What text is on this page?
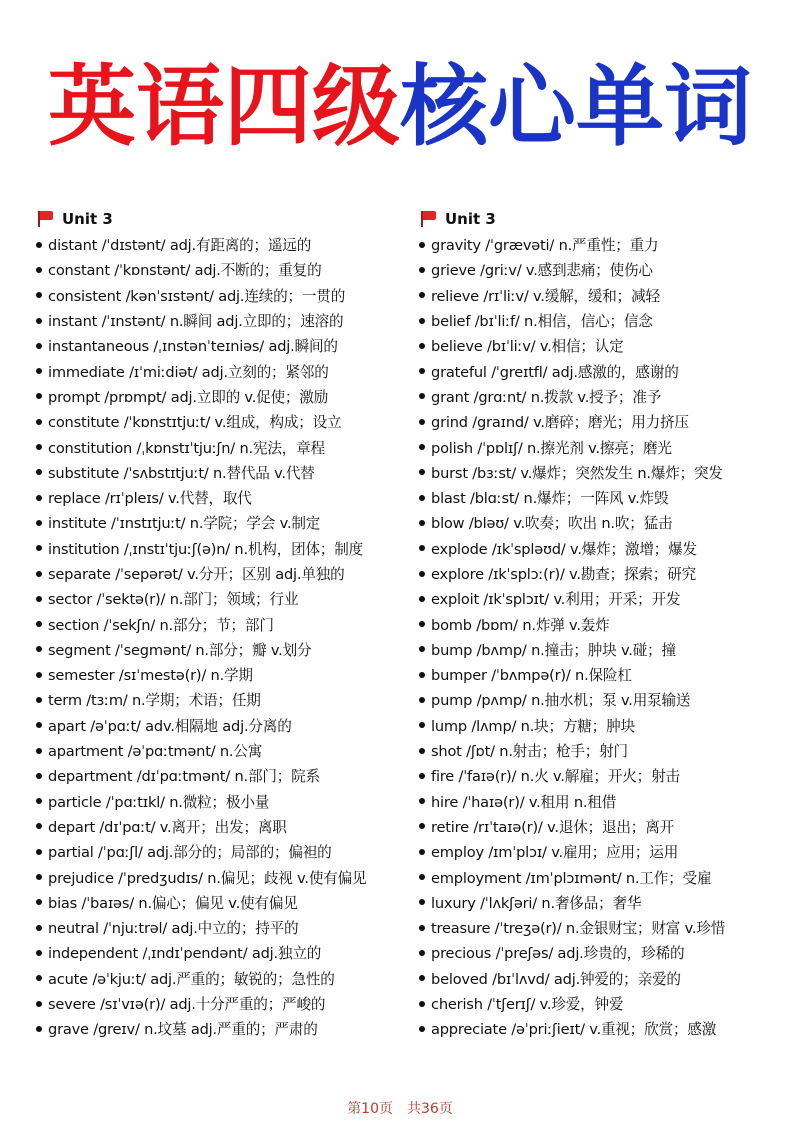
英语四级核心单词
Unit 3
distant /ˈdɪstənt/ adj.有距离的；遥远的
constant /ˈkɒnstənt/ adj.不断的；重复的
consistent /kənˈsɪstənt/ adj.连续的；一贯的
instant /ˈɪnstənt/ n.瞬间 adj.立即的；速溶的
instantaneous /ˌɪnstənˈteɪniəs/ adj.瞬间的
immediate /ɪˈmiːdiət/ adj.立刻的；紧邻的
prompt /prɒmpt/ adj.立即的 v.促使；激励
constitute /ˈkɒnstɪtjuːt/ v.组成，构成；设立
constitution /ˌkɒnstɪˈtjuːʃn/ n.宪法，章程
substitute /ˈsʌbstɪtjuːt/ n.替代品 v.代替
replace /rɪˈpleɪs/ v.代替，取代
institute /ˈɪnstɪtjuːt/ n.学院；学会 v.制定
institution /ˌɪnstɪˈtjuːʃ(ə)n/ n.机构，团体；制度
separate /ˈsepərət/ v.分开；区别 adj.单独的
sector /ˈsektə(r)/ n.部门；领域；行业
section /ˈsekʃn/ n.部分；节；部门
segment /ˈsegmənt/ n.部分；瓣 v.划分
semester /sɪˈmestə(r)/ n.学期
term /tɜːm/ n.学期；术语；任期
apart /əˈpɑːt/ adv.相隔地 adj.分离的
apartment /əˈpɑːtmənt/ n.公寓
department /dɪˈpɑːtmənt/ n.部门；院系
particle /ˈpɑːtɪkl/ n.微粒；极小量
depart /dɪˈpɑːt/ v.离开；出发；离职
partial /ˈpɑːʃl/ adj.部分的；局部的；偏袒的
prejudice /ˈpredʒudɪs/ n.偏见；歧视 v.使有偏见
bias /ˈbaɪəs/ n.偏心；偏见 v.使有偏见
neutral /ˈnjuːtrəl/ adj.中立的；持平的
independent /ˌɪndɪˈpendənt/ adj.独立的
acute /əˈkjuːt/ adj.严重的；敏锐的；急性的
severe /sɪˈvɪə(r)/ adj.十分严重的；严峻的
grave /greɪv/ n.坟墓 adj.严重的；严肃的
Unit 3
gravity /ˈgrævəti/ n.严重性；重力
grieve /griːv/ v.感到悲痛；使伤心
relieve /rɪˈliːv/ v.缓解，缓和；减轻
belief /bɪˈliːf/ n.相信，信心；信念
believe /bɪˈliːv/ v.相信；认定
grateful /ˈgreɪtfl/ adj.感激的，感谢的
grant /grɑːnt/ n.拨款 v.授予；准予
grind /graɪnd/ v.磨碎；磨光；用力挤压
polish /ˈpɒlɪʃ/ n.擦光剂 v.擦亮；磨光
burst /bɜːst/ v.爆炸；突然发生 n.爆炸；突发
blast /blɑːst/ n.爆炸；一阵风 v.炸毁
blow /bləʊ/ v.吹奏；吹出 n.吹；猛击
explode /ɪkˈspləʊd/ v.爆炸；激增；爆发
explore /ɪkˈsplɔː(r)/ v.勘查；探索；研究
exploit /ɪkˈsplɔɪt/ v.利用；开采；开发
bomb /bɒm/ n.炸弹 v.轰炸
bump /bʌmp/ n.撞击；肿块 v.碰；撞
bumper /ˈbʌmpə(r)/ n.保险杠
pump /pʌmp/ n.抽水机；泵 v.用泵输送
lump /lʌmp/ n.块；方糖；肿块
shot /ʃɒt/ n.射击；枪手；射门
fire /ˈfaɪə(r)/ n.火 v.解雇；开火；射击
hire /ˈhaɪə(r)/ v.租用 n.租借
retire /rɪˈtaɪə(r)/ v.退休；退出；离开
employ /ɪmˈplɔɪ/ v.雇用；应用；运用
employment /ɪmˈplɔɪmənt/ n.工作；受雇
luxury /ˈlʌkʃəri/ n.奢侈品；奢华
treasure /ˈtreʒə(r)/ n.金银财宝；财富 v.珍惜
precious /ˈpreʃəs/ adj.珍贵的，珍稀的
beloved /bɪˈlʌvd/ adj.钟爱的；亲爱的
cherish /ˈtʃerɪʃ/ v.珍爱，钟爱
appreciate /əˈpriːʃieɪt/ v.重视；欣赏；感激
第10页 共36页
